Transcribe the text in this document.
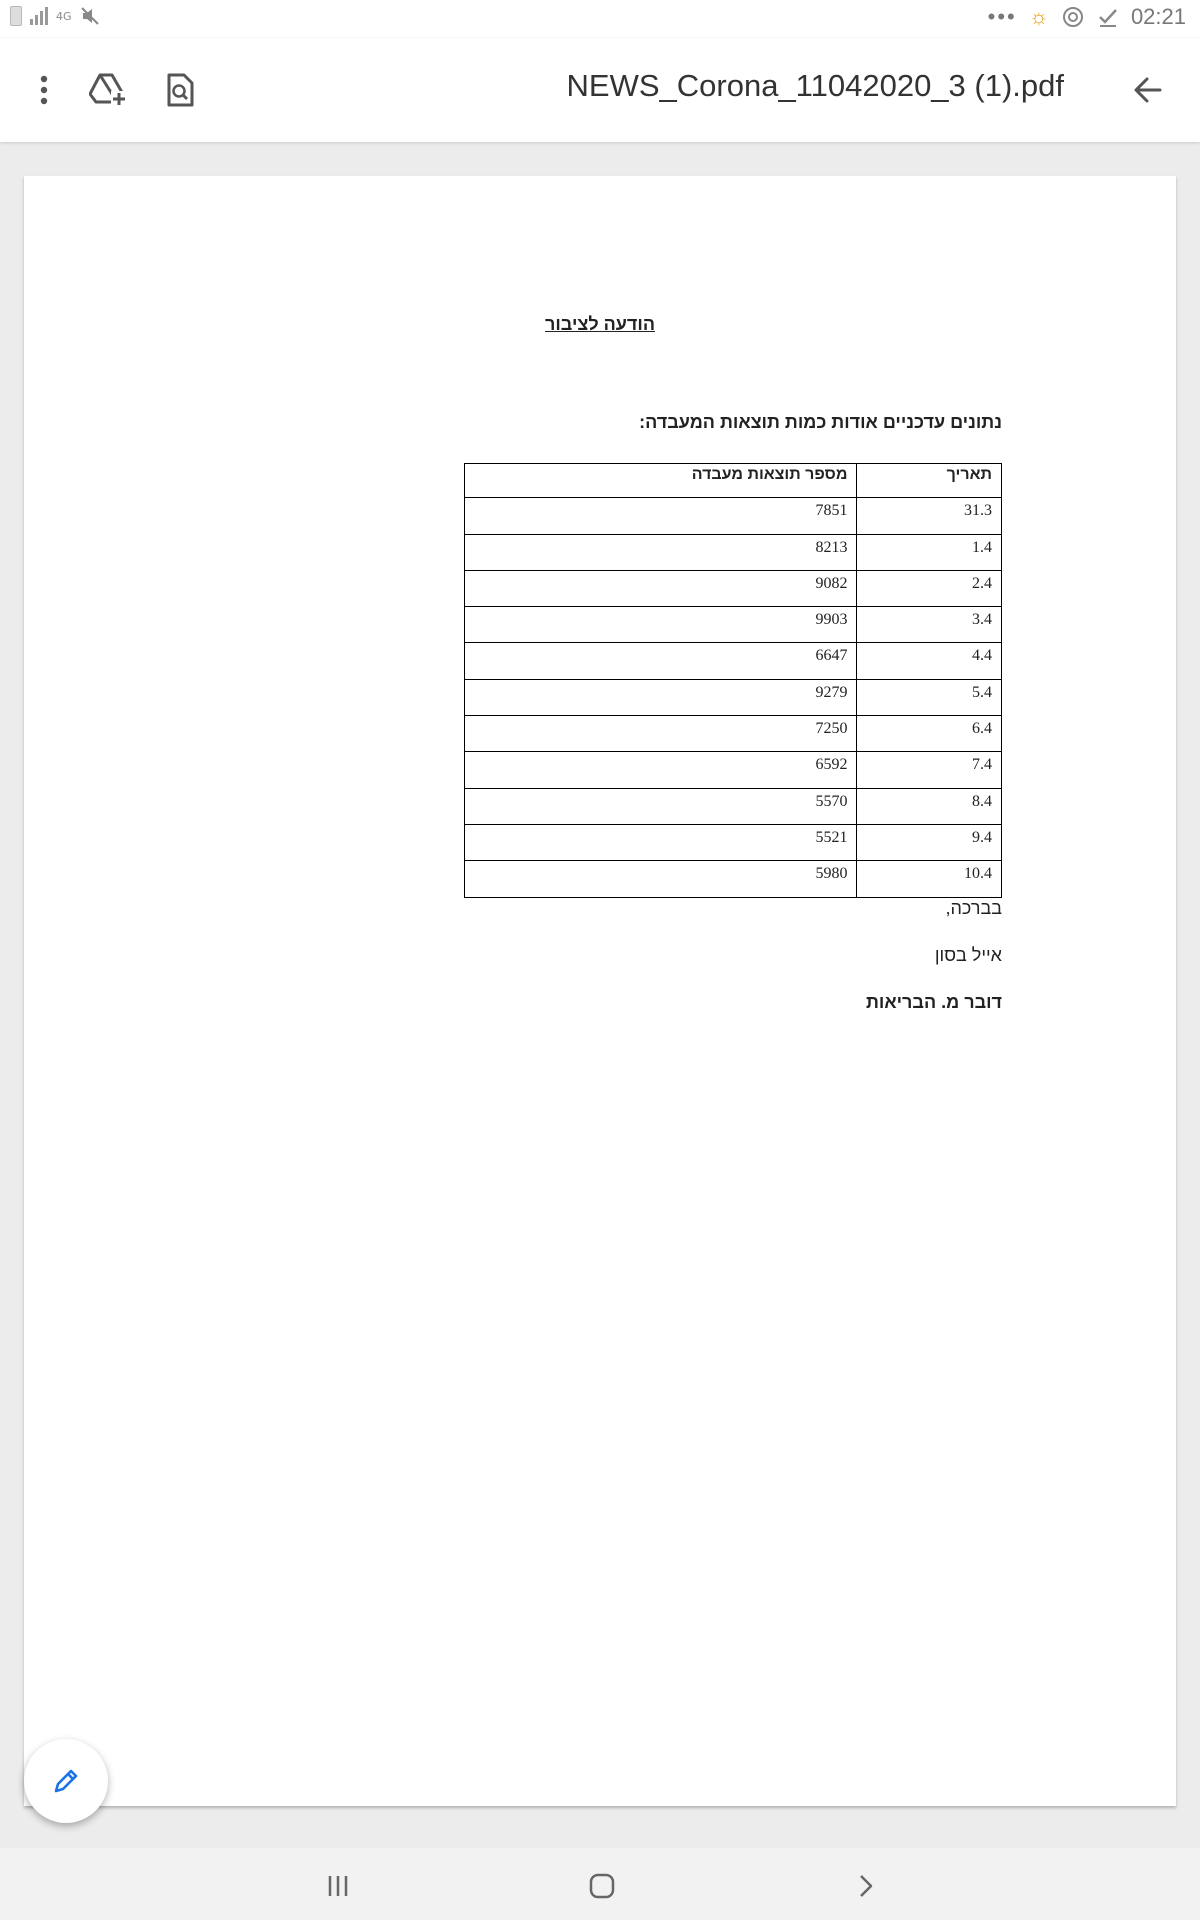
4G	••• ☼	02:21
NEWS_Corona_11042020_3 (1).pdf
הודעה לציבור
נתונים עדכניים אודות כמות תוצאות המעבדה:
תאריך	מספר תוצאות מעבדה
31.3	7851
1.4	8213
2.4	9082
3.4	9903
4.4	6647
5.4	9279
6.4	7250
7.4	6592
8.4	5570
9.4	5521
10.4	5980
בברכה,
אייל בסון
דובר מ. הבריאות
